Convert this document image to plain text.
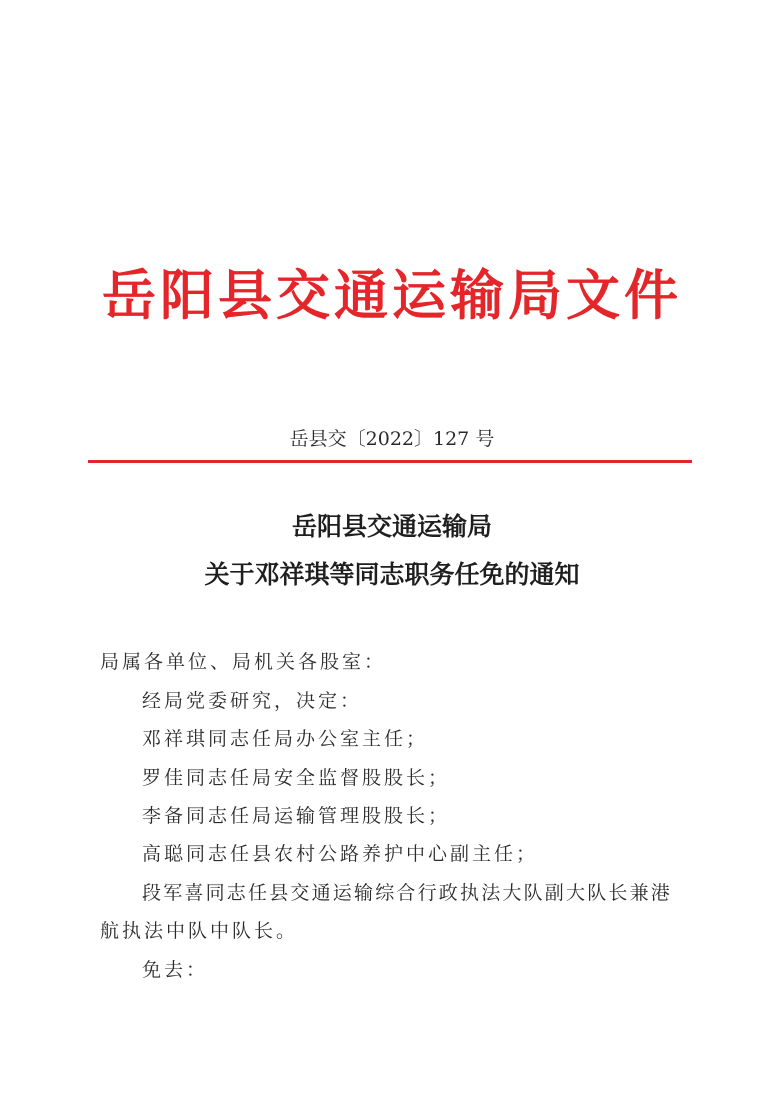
岳阳县交通运输局文件
岳县交〔2022〕127 号
岳阳县交通运输局
关于邓祥琪等同志职务任免的通知
局属各单位、局机关各股室：
经局党委研究，决定：
邓祥琪同志任局办公室主任；
罗佳同志任局安全监督股股长；
李备同志任局运输管理股股长；
高聪同志任县农村公路养护中心副主任；
段军喜同志任县交通运输综合行政执法大队副大队长兼港
航执法中队中队长。
免去：
